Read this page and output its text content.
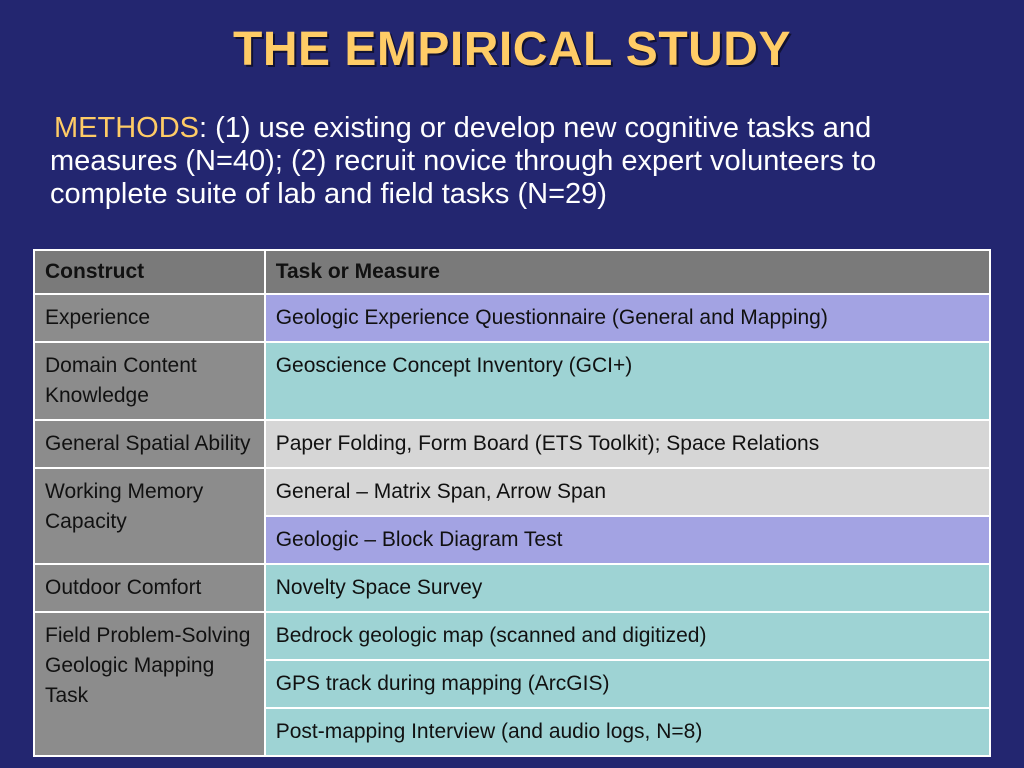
THE EMPIRICAL STUDY
METHODS: (1) use existing or develop new cognitive tasks and measures (N=40); (2) recruit novice through expert volunteers to complete suite of lab and field tasks (N=29)
Construct	Task or Measure
Experience	Geologic Experience Questionnaire (General and Mapping)
Domain Content Knowledge	Geoscience Concept Inventory (GCI+)
General Spatial Ability	Paper Folding, Form Board (ETS Toolkit); Space Relations
Working Memory Capacity	General – Matrix Span, Arrow Span
	Geologic – Block Diagram Test
Outdoor Comfort	Novelty Space Survey
Field Problem-Solving Geologic Mapping Task	Bedrock geologic map (scanned and digitized)
	GPS track during mapping (ArcGIS)
	Post-mapping Interview (and audio logs, N=8)
